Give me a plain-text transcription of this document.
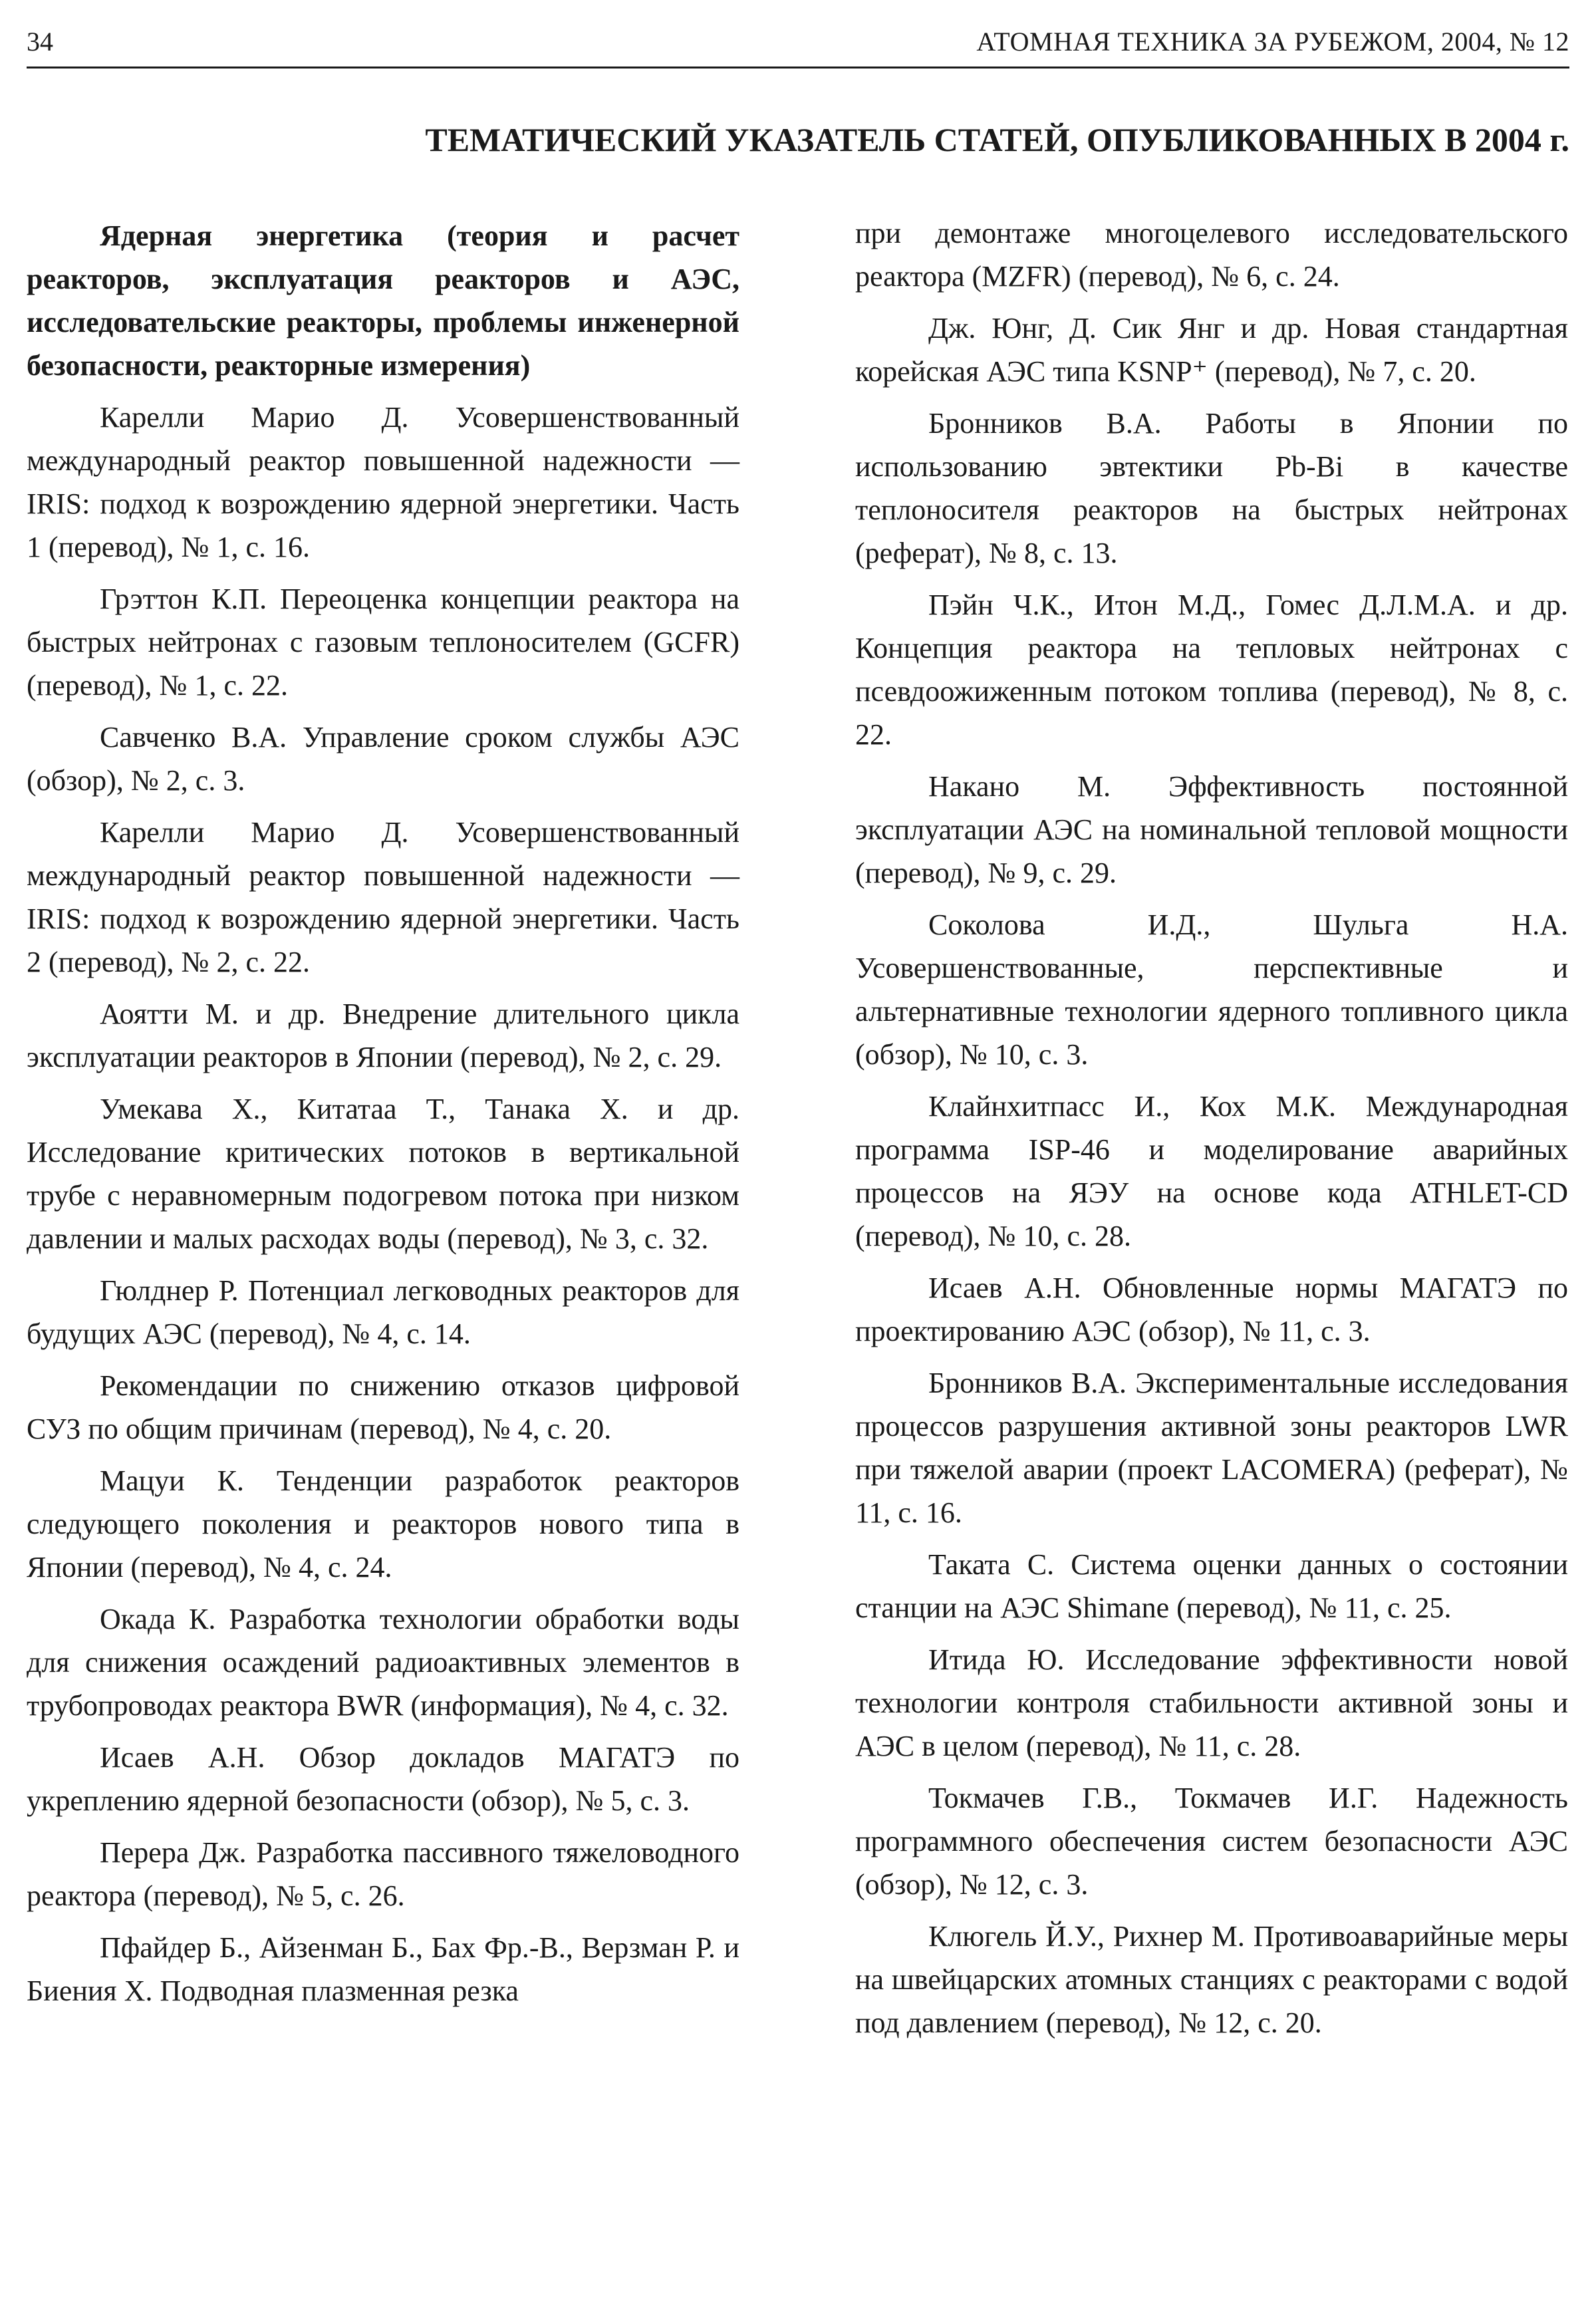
34	АТОМНАЯ ТЕХНИКА ЗА РУБЕЖОМ, 2004, № 12
ТЕМАТИЧЕСКИЙ УКАЗАТЕЛЬ СТАТЕЙ, ОПУБЛИКОВАННЫХ В 2004 г.

Ядерная энергетика (теория и расчет реакторов, эксплуатация реакторов и АЭС, исследовательские реакторы, проблемы инженерной безопасности, реакторные измерения)

Карелли Марио Д. Усовершенствованный международный реактор повышенной надежности — IRIS: подход к возрождению ядерной энергетики. Часть 1 (перевод), № 1, с. 16.

Грэттон К.П. Переоценка концепции реактора на быстрых нейтронах с газовым теплоносителем (GCFR) (перевод), № 1, с. 22.

Савченко В.А. Управление сроком службы АЭС (обзор), № 2, с. 3.

Карелли Марио Д. Усовершенствованный международный реактор повышенной надежности — IRIS: подход к возрождению ядерной энергетики. Часть 2 (перевод), № 2, с. 22.

Аоятти М. и др. Внедрение длительного цикла эксплуатации реакторов в Японии (перевод), № 2, с. 29.

Умекава Х., Китатаа Т., Танака Х. и др. Исследование критических потоков в вертикальной трубе с неравномерным подогревом потока при низком давлении и малых расходах воды (перевод), № 3, с. 32.

Гюлднер Р. Потенциал легководных реакторов для будущих АЭС (перевод), № 4, с. 14.

Рекомендации по снижению отказов цифровой СУЗ по общим причинам (перевод), № 4, с. 20.

Мацуи К. Тенденции разработок реакторов следующего поколения и реакторов нового типа в Японии (перевод), № 4, с. 24.

Окада К. Разработка технологии обработки воды для снижения осаждений радиоактивных элементов в трубопроводах реактора BWR (информация), № 4, с. 32.

Исаев А.Н. Обзор докладов МАГАТЭ по укреплению ядерной безопасности (обзор), № 5, с. 3.

Перера Дж. Разработка пассивного тяжеловодного реактора (перевод), № 5, с. 26.

Пфайдер Б., Айзенман Б., Бах Фр.-В., Верзман Р. и Биения Х. Подводная плазменная резка

при демонтаже многоцелевого исследовательского реактора (MZFR) (перевод), № 6, с. 24.

Дж. Юнг, Д. Сик Янг и др. Новая стандартная корейская АЭС типа KSNP⁺ (перевод), № 7, с. 20.

Бронников В.А. Работы в Японии по использованию эвтектики Pb-Bi в качестве теплоносителя реакторов на быстрых нейтронах (реферат), № 8, с. 13.

Пэйн Ч.К., Итон М.Д., Гомес Д.Л.М.А. и др. Концепция реактора на тепловых нейтронах с псевдоожиженным потоком топлива (перевод), № 8, с. 22.

Накано М. Эффективность постоянной эксплуатации АЭС на номинальной тепловой мощности (перевод), № 9, с. 29.

Соколова И.Д., Шульга Н.А. Усовершенствованные, перспективные и альтернативные технологии ядерного топливного цикла (обзор), № 10, с. 3.

Клайнхитпасс И., Кох М.К. Международная программа ISP-46 и моделирование аварийных процессов на ЯЭУ на основе кода ATHLET-CD (перевод), № 10, с. 28.

Исаев А.Н. Обновленные нормы МАГАТЭ по проектированию АЭС (обзор), № 11, с. 3.

Бронников В.А. Экспериментальные исследования процессов разрушения активной зоны реакторов LWR при тяжелой аварии (проект LACOMERA) (реферат), № 11, с. 16.

Таката С. Система оценки данных о состоянии станции на АЭС Shimane (перевод), № 11, с. 25.

Итида Ю. Исследование эффективности новой технологии контроля стабильности активной зоны и АЭС в целом (перевод), № 11, с. 28.

Токмачев Г.В., Токмачев И.Г. Надежность программного обеспечения систем безопасности АЭС (обзор), № 12, с. 3.

Клюгель Й.У., Рихнер М. Противоаварийные меры на швейцарских атомных станциях с реакторами с водой под давлением (перевод), № 12, с. 20.
